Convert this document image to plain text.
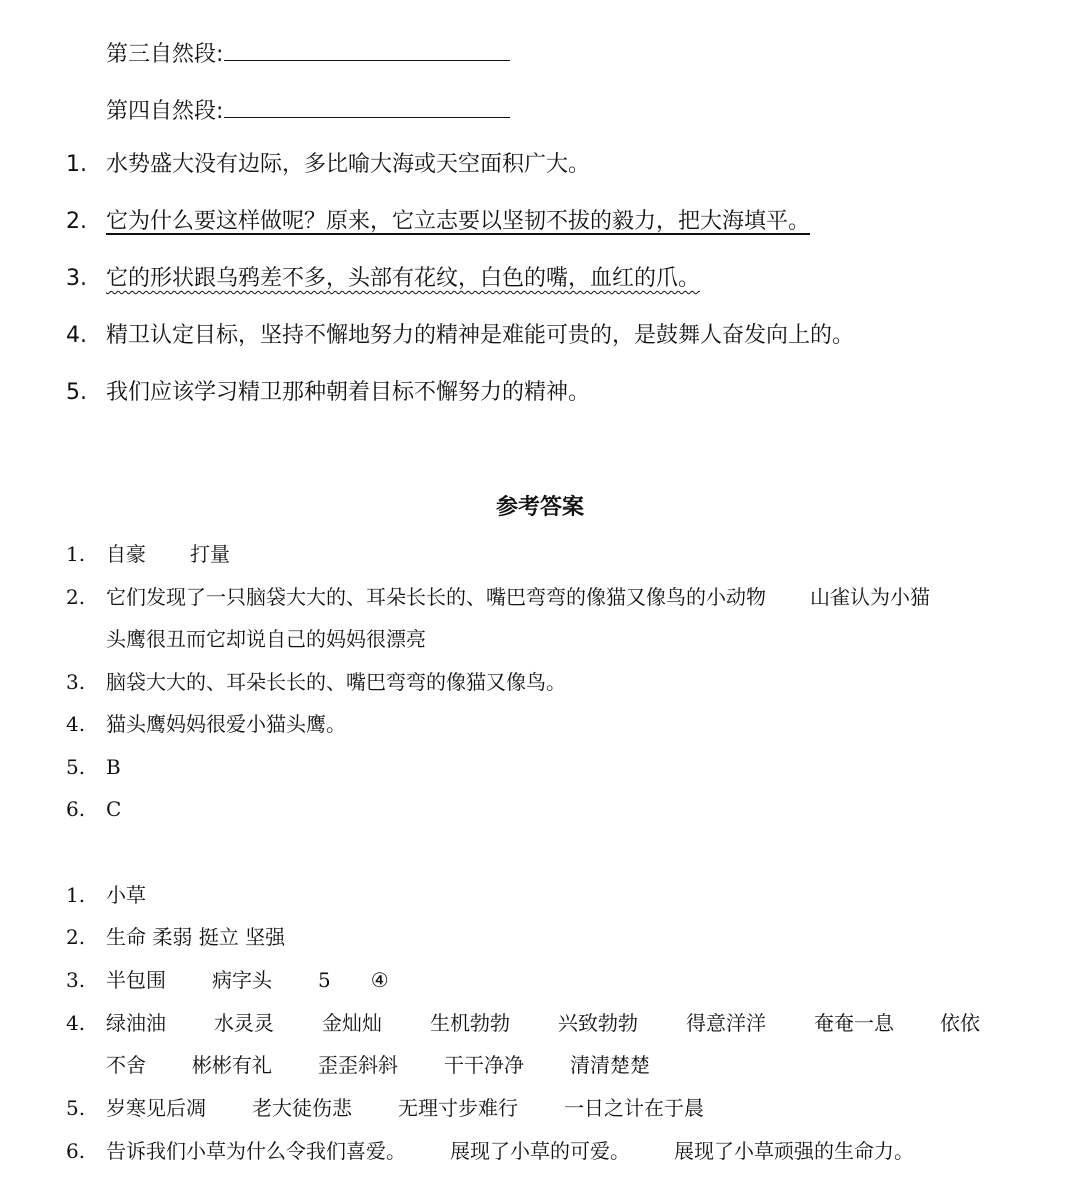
第三自然段:
第四自然段:
1. 水势盛大没有边际，多比喻大海或天空面积广大。
2. 它为什么要这样做呢？原来，它立志要以坚韧不拔的毅力，把大海填平。
3. 它的形状跟乌鸦差不多，头部有花纹，白色的嘴，血红的爪。
4. 精卫认定目标，坚持不懈地努力的精神是难能可贵的，是鼓舞人奋发向上的。
5. 我们应该学习精卫那种朝着目标不懈努力的精神。
参考答案
1. 自豪 打量
2. 它们发现了一只脑袋大大的、耳朵长长的、嘴巴弯弯的像猫又像鸟的小动物 山雀认为小猫
头鹰很丑而它却说自己的妈妈很漂亮
3. 脑袋大大的、耳朵长长的、嘴巴弯弯的像猫又像鸟。
4. 猫头鹰妈妈很爱小猫头鹰。
5. B
6. C
1. 小草
2. 生命 柔弱 挺立 坚强
3. 半包围 病字头 5 ④
4. 绿油油 水灵灵 金灿灿 生机勃勃 兴致勃勃 得意洋洋 奄奄一息 依依
不舍 彬彬有礼 歪歪斜斜 干干净净 清清楚楚
5. 岁寒见后凋 老大徒伤悲 无理寸步难行 一日之计在于晨
6. 告诉我们小草为什么令我们喜爱。 展现了小草的可爱。 展现了小草顽强的生命力。
